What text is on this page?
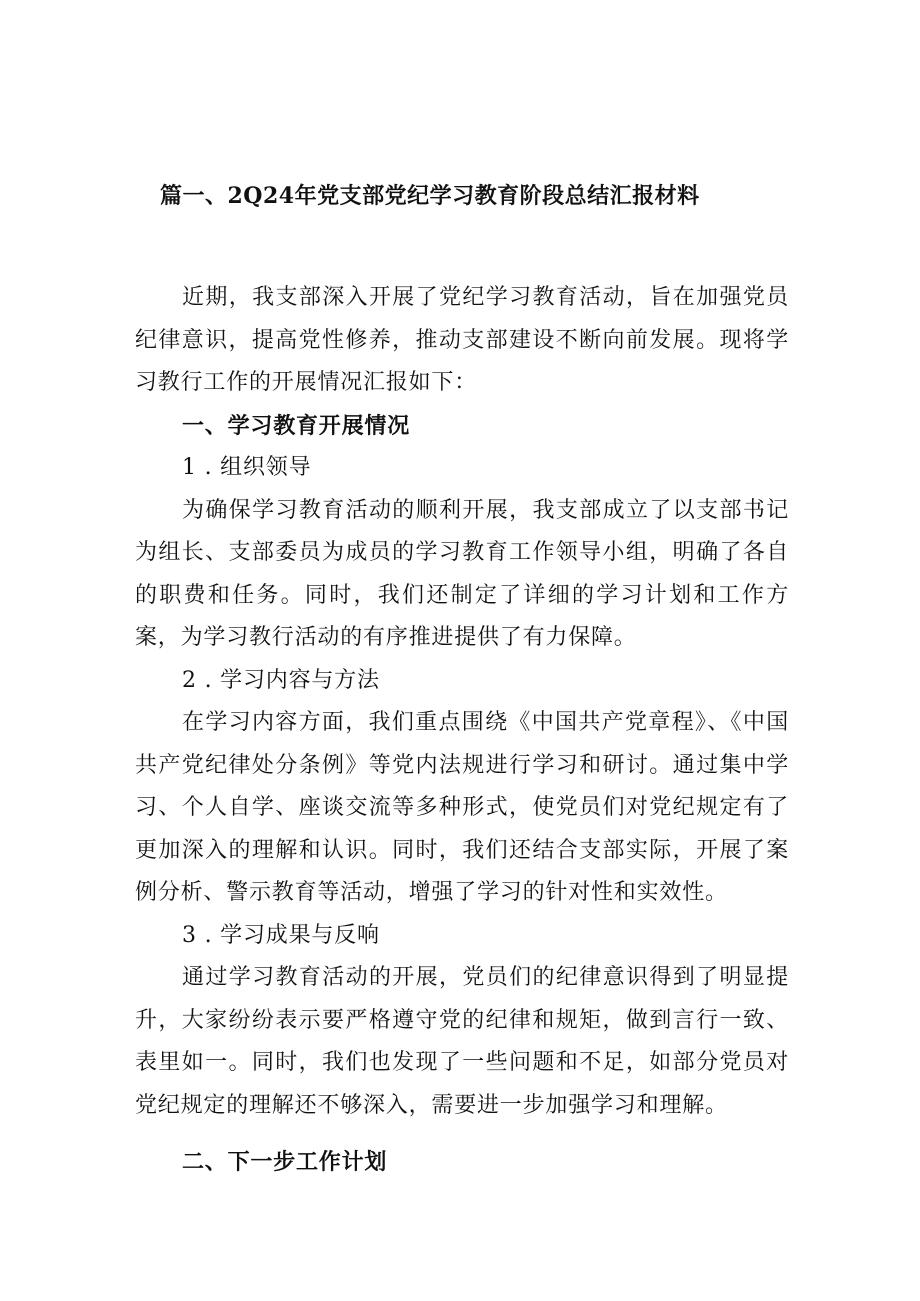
篇一、2Q24年党支部党纪学习教育阶段总结汇报材料

近期，我支部深入开展了党纪学习教育活动，旨在加强党员纪律意识，提高党性修养，推动支部建设不断向前发展。现将学习教行工作的开展情况汇报如下：

一、学习教育开展情况

1 . 组织领导

为确保学习教育活动的顺利开展，我支部成立了以支部书记为组长、支部委员为成员的学习教育工作领导小组，明确了各自的职费和任务。同时，我们还制定了详细的学习计划和工作方案，为学习教行活动的有序推进提供了有力保障。

2 . 学习内容与方法

在学习内容方面，我们重点围绕《中国共产党章程》、《中国共产党纪律处分条例》等党内法规进行学习和研讨。通过集中学习、个人自学、座谈交流等多种形式，使党员们对党纪规定有了更加深入的理解和认识。同时，我们还结合支部实际，开展了案例分析、警示教育等活动，增强了学习的针对性和实效性。

3 . 学习成果与反响

通过学习教育活动的开展，党员们的纪律意识得到了明显提升，大家纷纷表示要严格遵守党的纪律和规矩，做到言行一致、表里如一。同时，我们也发现了一些问题和不足，如部分党员对党纪规定的理解还不够深入，需要进一步加强学习和理解。

二、下一步工作计划
